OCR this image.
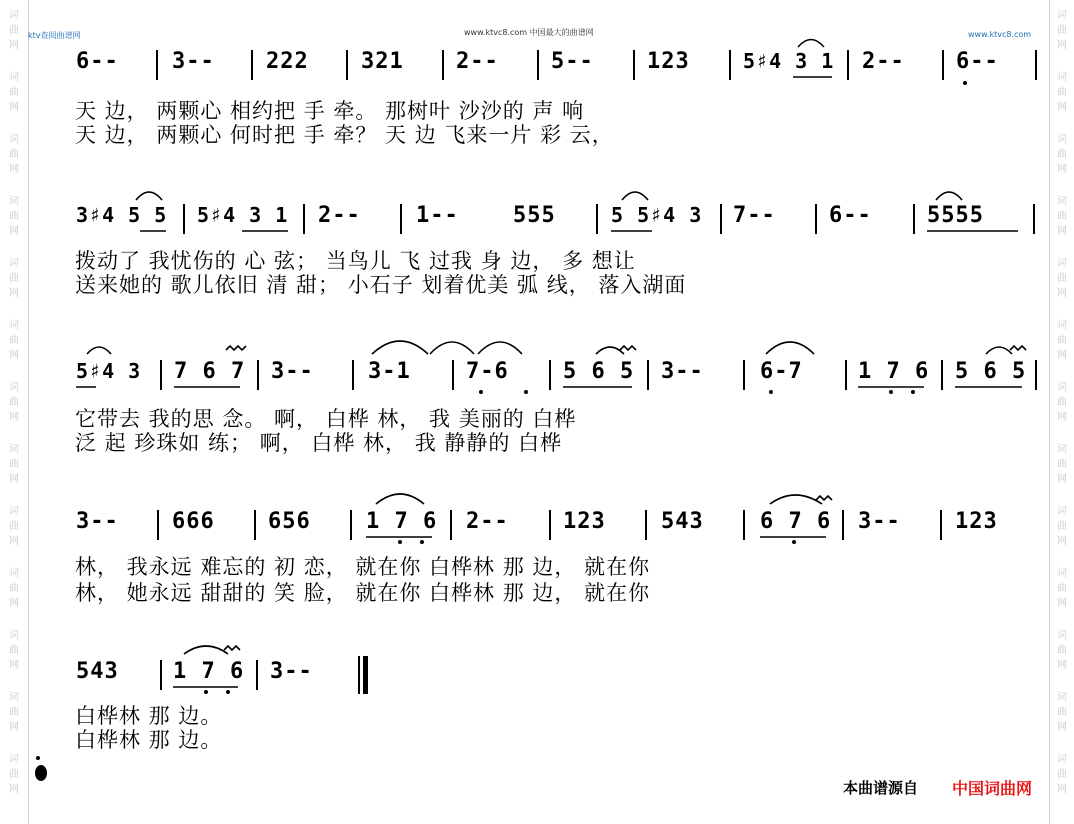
ktv查阅曲谱网	www.ktvc8.com 中国最大的曲谱网	www.ktvc8.com
词
曲
网
词
曲
网
词
曲
网
词
曲
网
词
曲
网
词
曲
网
词
曲
网
词
曲
网
词
曲
网
词
曲
网
词
曲
网
词
曲
网
词
曲
网
词
曲
网
词
曲
网
词
曲
网
词
曲
网
词
曲
网
词
曲
网
词
曲
网
词
曲
网
词
曲
网
词
曲
网
词
曲
网
词
曲
网
词
曲
网
6-- 3-- 222 321 2-- 5-- 123	5♯4 3 1 2-- 6--
天 边， 两颗心 相约把 手 牵。 那树叶 沙沙的 声 响
天 边， 两颗心 何时把 手 牵？ 天 边 飞来一片 彩 云，
3♯4 5 5 5♯4 3 1 2--	1-- 555	5 5♯4 3 7-- 6--	5555
拨动了 我忧伤的 心 弦； 当鸟儿 飞 过我 身 边， 多 想让
送来她的 歌儿依旧 清 甜； 小石子 划着优美 弧 线， 落入湖面
5♯4 3 7 6 7 3-- 3-1	7-6 5 6 5 3--	6-7	1 7 6 5 6 5
它带去 我的思 念。 啊， 白桦 林， 我 美丽的 白桦
泛 起 珍珠如 练； 啊， 白桦 林， 我 静静的 白桦
3-- 666 656	1 7 6 2-- 123	543	6 7 6 3-- 123
林， 我永远 难忘的 初 恋， 就在你 白桦林 那 边， 就在你
林， 她永远 甜甜的 笑 脸， 就在你 白桦林 那 边， 就在你
543 1 7 6 3--
白桦林 那 边。
白桦林 那 边。
本曲谱源自 中国词曲网
